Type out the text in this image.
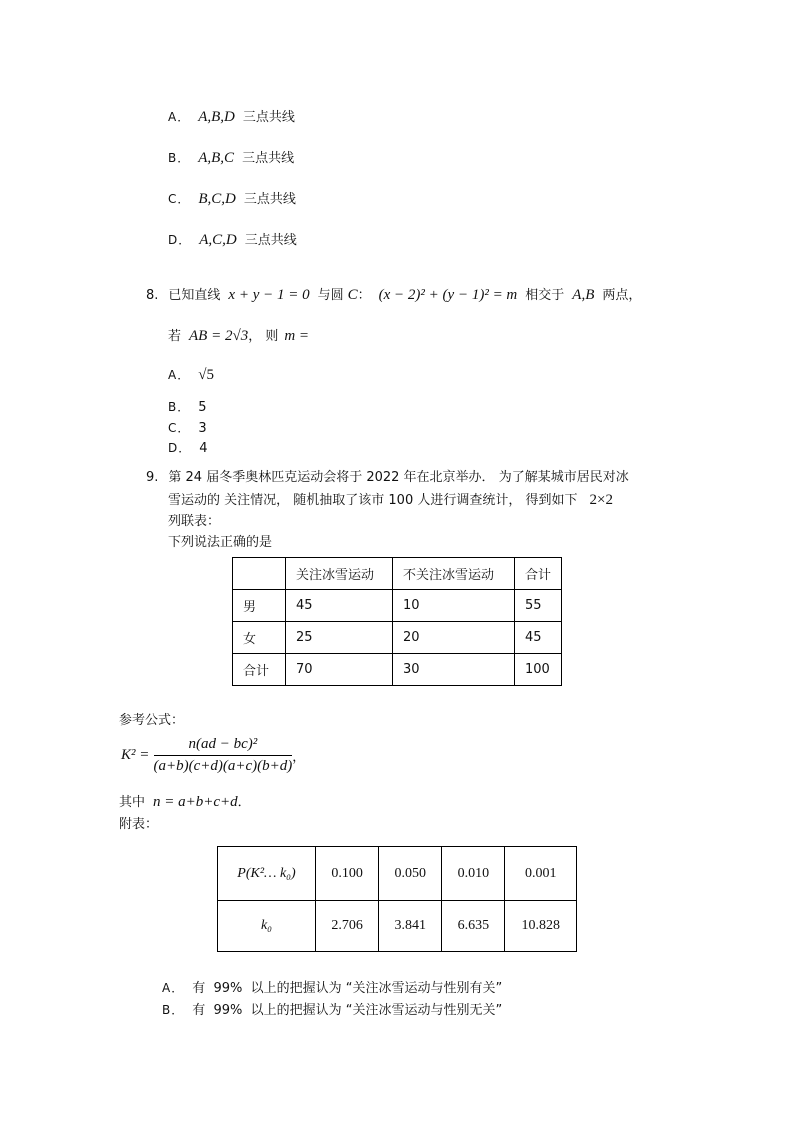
A． A,B,D 三点共线
B． A,B,C 三点共线
C． B,C,D 三点共线
D． A,C,D 三点共线
8. 已知直线 x + y − 1 = 0 与圆 C： (x − 2)² + (y − 1)² = m 相交于 A,B 两点，
若 AB = 2√3， 则 m =
A． √5
B． 5
C． 3
D． 4
9. 第 24 届冬季奥林匹克运动会将于 2022 年在北京举办． 为了解某城市居民对冰
雪运动的 关注情况， 随机抽取了该市 100 人进行调查统计， 得到如下 2×2
列联表：
下列说法正确的是
	关注冰雪运动	不关注冰雪运动	合计
男	45	10	55
女	25	20	45
合计	70	30	100
参考公式：
$K^2 = \frac{\text{n(ad − bc)²}}{(a+b)(c+d)(a+c)(b+d)}$ ，
其中 n = a+b+c+d．
附表：
P(K²… k₀)	0.100	0.050	0.010	0.001
k₀	2.706	3.841	6.635	10.828
A． 有  99%  以上的把握认为 “关注冰雪运动与性别有关”
B． 有  99%  以上的把握认为 “关注冰雪运动与性别无关”
